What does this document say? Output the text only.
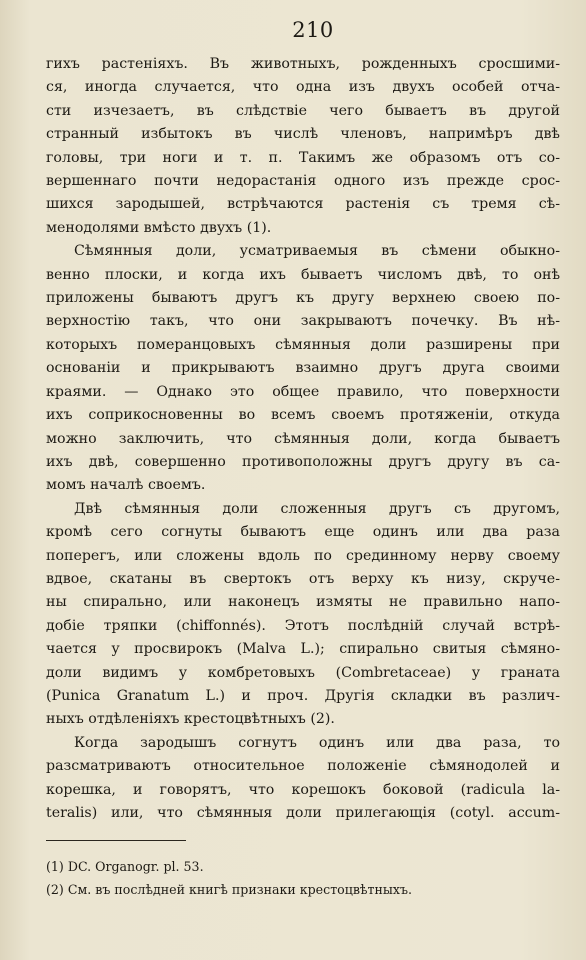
210
гихъ растеніяхъ. Въ животныхъ, рожденныхъ сросшими-
ся, иногда случается, что одна изъ двухъ особей отча-
сти изчезаетъ, въ слѣдствіе чего бываетъ въ другой
странный избытокъ въ числѣ членовъ, напримѣръ двѣ
головы, три ноги и т. п. Такимъ же образомъ отъ со-
вершеннаго почти недорастанія одного изъ прежде срос-
шихся зародышей, встрѣчаются растенія съ тремя сѣ-
менодолями вмѣсто двухъ (1).
Сѣмянныя доли, усматриваемыя въ сѣмени обыкно-
венно плоски, и когда ихъ бываетъ числомъ двѣ, то онѣ
приложены бываютъ другъ къ другу верхнею своею по-
верхностію такъ, что они закрываютъ почечку. Въ нѣ-
которыхъ померанцовыхъ сѣмянныя доли разширены при
основаніи и прикрываютъ взаимно другъ друга своими
краями. — Однако это общее правило, что поверхности
ихъ соприкосновенны во всемъ своемъ протяженіи, откуда
можно заключить, что сѣмянныя доли, когда бываетъ
ихъ двѣ, совершенно противоположны другъ другу въ са-
момъ началѣ своемъ.
Двѣ сѣмянныя доли сложенныя другъ съ другомъ,
кромѣ сего согнуты бываютъ еще одинъ или два раза
поперегъ, или сложены вдоль по срединному нерву своему
вдвое, скатаны въ свертокъ отъ верху къ низу, скруче-
ны спирально, или наконецъ измяты не правильно напо-
добіе тряпки (chiffonnés). Этотъ послѣдній случай встрѣ-
чается у просвирокъ (Malva L.); спирально свитыя сѣмяно-
доли видимъ у комбретовыхъ (Combretaceae) у граната
(Punica Granatum L.) и проч. Другія складки въ различ-
ныхъ отдѣленіяхъ крестоцвѣтныхъ (2).
Когда зародышъ согнутъ одинъ или два раза, то
разсматриваютъ относительное положеніе сѣмянодолей и
корешка, и говорятъ, что корешокъ боковой (radicula la-
teralis) или, что сѣмянныя доли прилегающія (cotyl. accum-
(1) DC. Organogr. pl. 53.
(2) См. въ послѣдней книгѣ признаки крестоцвѣтныхъ.
